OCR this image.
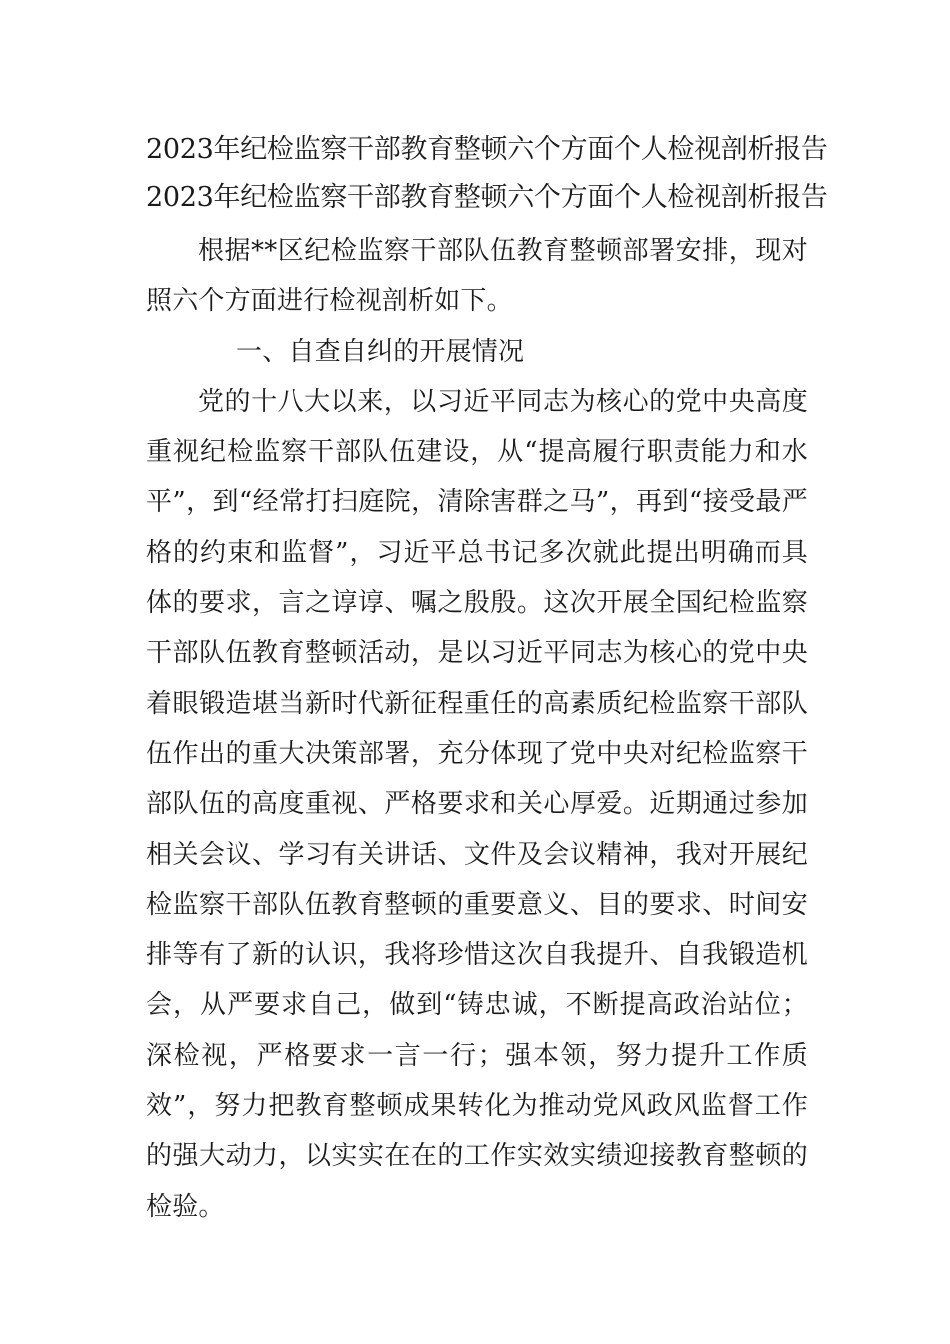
2023年纪检监察干部教育整顿六个方面个人检视剖析报告

2023年纪检监察干部教育整顿六个方面个人检视剖析报告

根据**区纪检监察干部队伍教育整顿部署安排，现对照六个方面进行检视剖析如下。

一、自查自纠的开展情况

党的十八大以来，以习近平同志为核心的党中央高度重视纪检监察干部队伍建设，从“提高履行职责能力和水平”，到“经常打扫庭院，清除害群之马”，再到“接受最严格的约束和监督”，习近平总书记多次就此提出明确而具体的要求，言之谆谆、嘱之殷殷。这次开展全国纪检监察干部队伍教育整顿活动，是以习近平同志为核心的党中央着眼锻造堪当新时代新征程重任的高素质纪检监察干部队伍作出的重大决策部署，充分体现了党中央对纪检监察干部队伍的高度重视、严格要求和关心厚爱。近期通过参加相关会议、学习有关讲话、文件及会议精神，我对开展纪检监察干部队伍教育整顿的重要意义、目的要求、时间安排等有了新的认识，我将珍惜这次自我提升、自我锻造机会，从严要求自己，做到“铸忠诚，不断提高政治站位；深检视，严格要求一言一行；强本领，努力提升工作质效”，努力把教育整顿成果转化为推动党风政风监督工作的强大动力，以实实在在的工作实效实绩迎接教育整顿的检验。
